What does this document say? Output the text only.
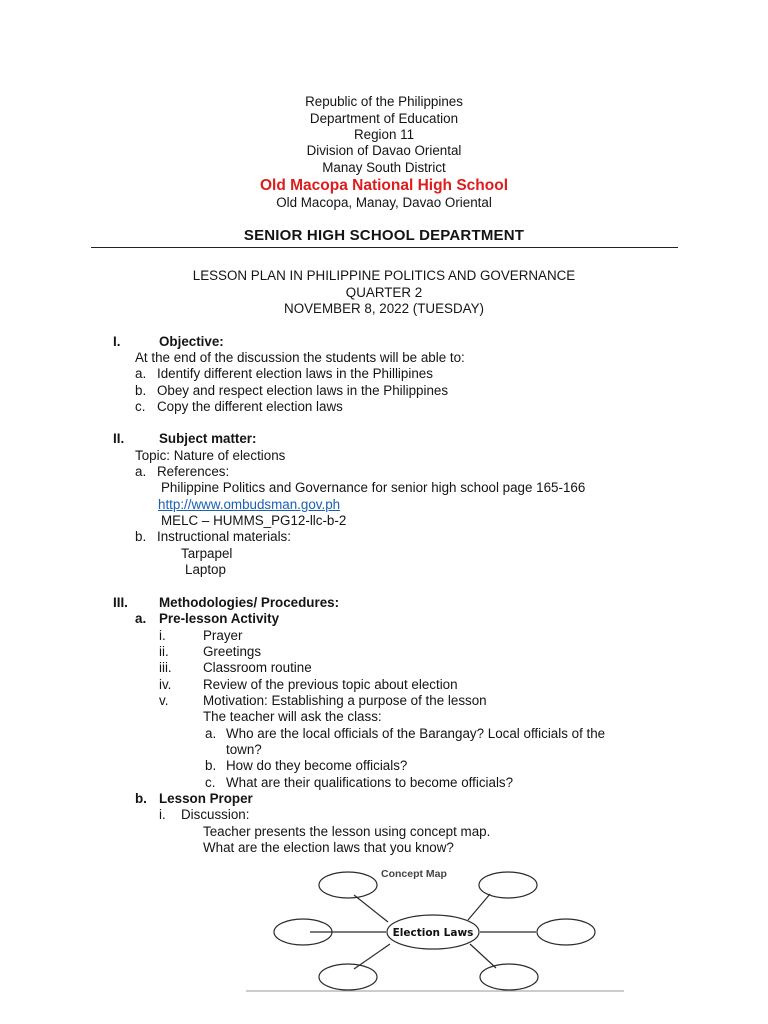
Republic of the Philippines
Department of Education
Region 11
Division of Davao Oriental
Manay South District
Old Macopa National High School
Old Macopa, Manay, Davao Oriental
SENIOR HIGH SCHOOL DEPARTMENT
LESSON PLAN IN PHILIPPINE POLITICS AND GOVERNANCE
QUARTER 2
NOVEMBER 8, 2022 (TUESDAY)
I.	Objective:
At the end of the discussion the students will be able to:
a. Identify different election laws in the Phillipines
b. Obey and respect election laws in the Philippines
c. Copy the different election laws
II.	Subject matter:
Topic: Nature of elections
a. References:
Philippine Politics and Governance for senior high school page 165-166
http://www.ombudsman.gov.ph
MELC – HUMMS_PG12-llc-b-2
b. Instructional materials:
Tarpapel
Laptop
III. Methodologies/ Procedures:
a. Pre-lesson Activity
i.	Prayer
ii.	Greetings
iii. Classroom routine
iv. Review of the previous topic about election
v.	Motivation: Establishing a purpose of the lesson
The teacher will ask the class:
a. Who are the local officials of the Barangay? Local officials of the
town?
b. How do they become officials?
c. What are their qualifications to become officials?
b. Lesson Proper
i. Discussion:
Teacher presents the lesson using concept map.
What are the election laws that you know?
Concept Map
Election Laws
